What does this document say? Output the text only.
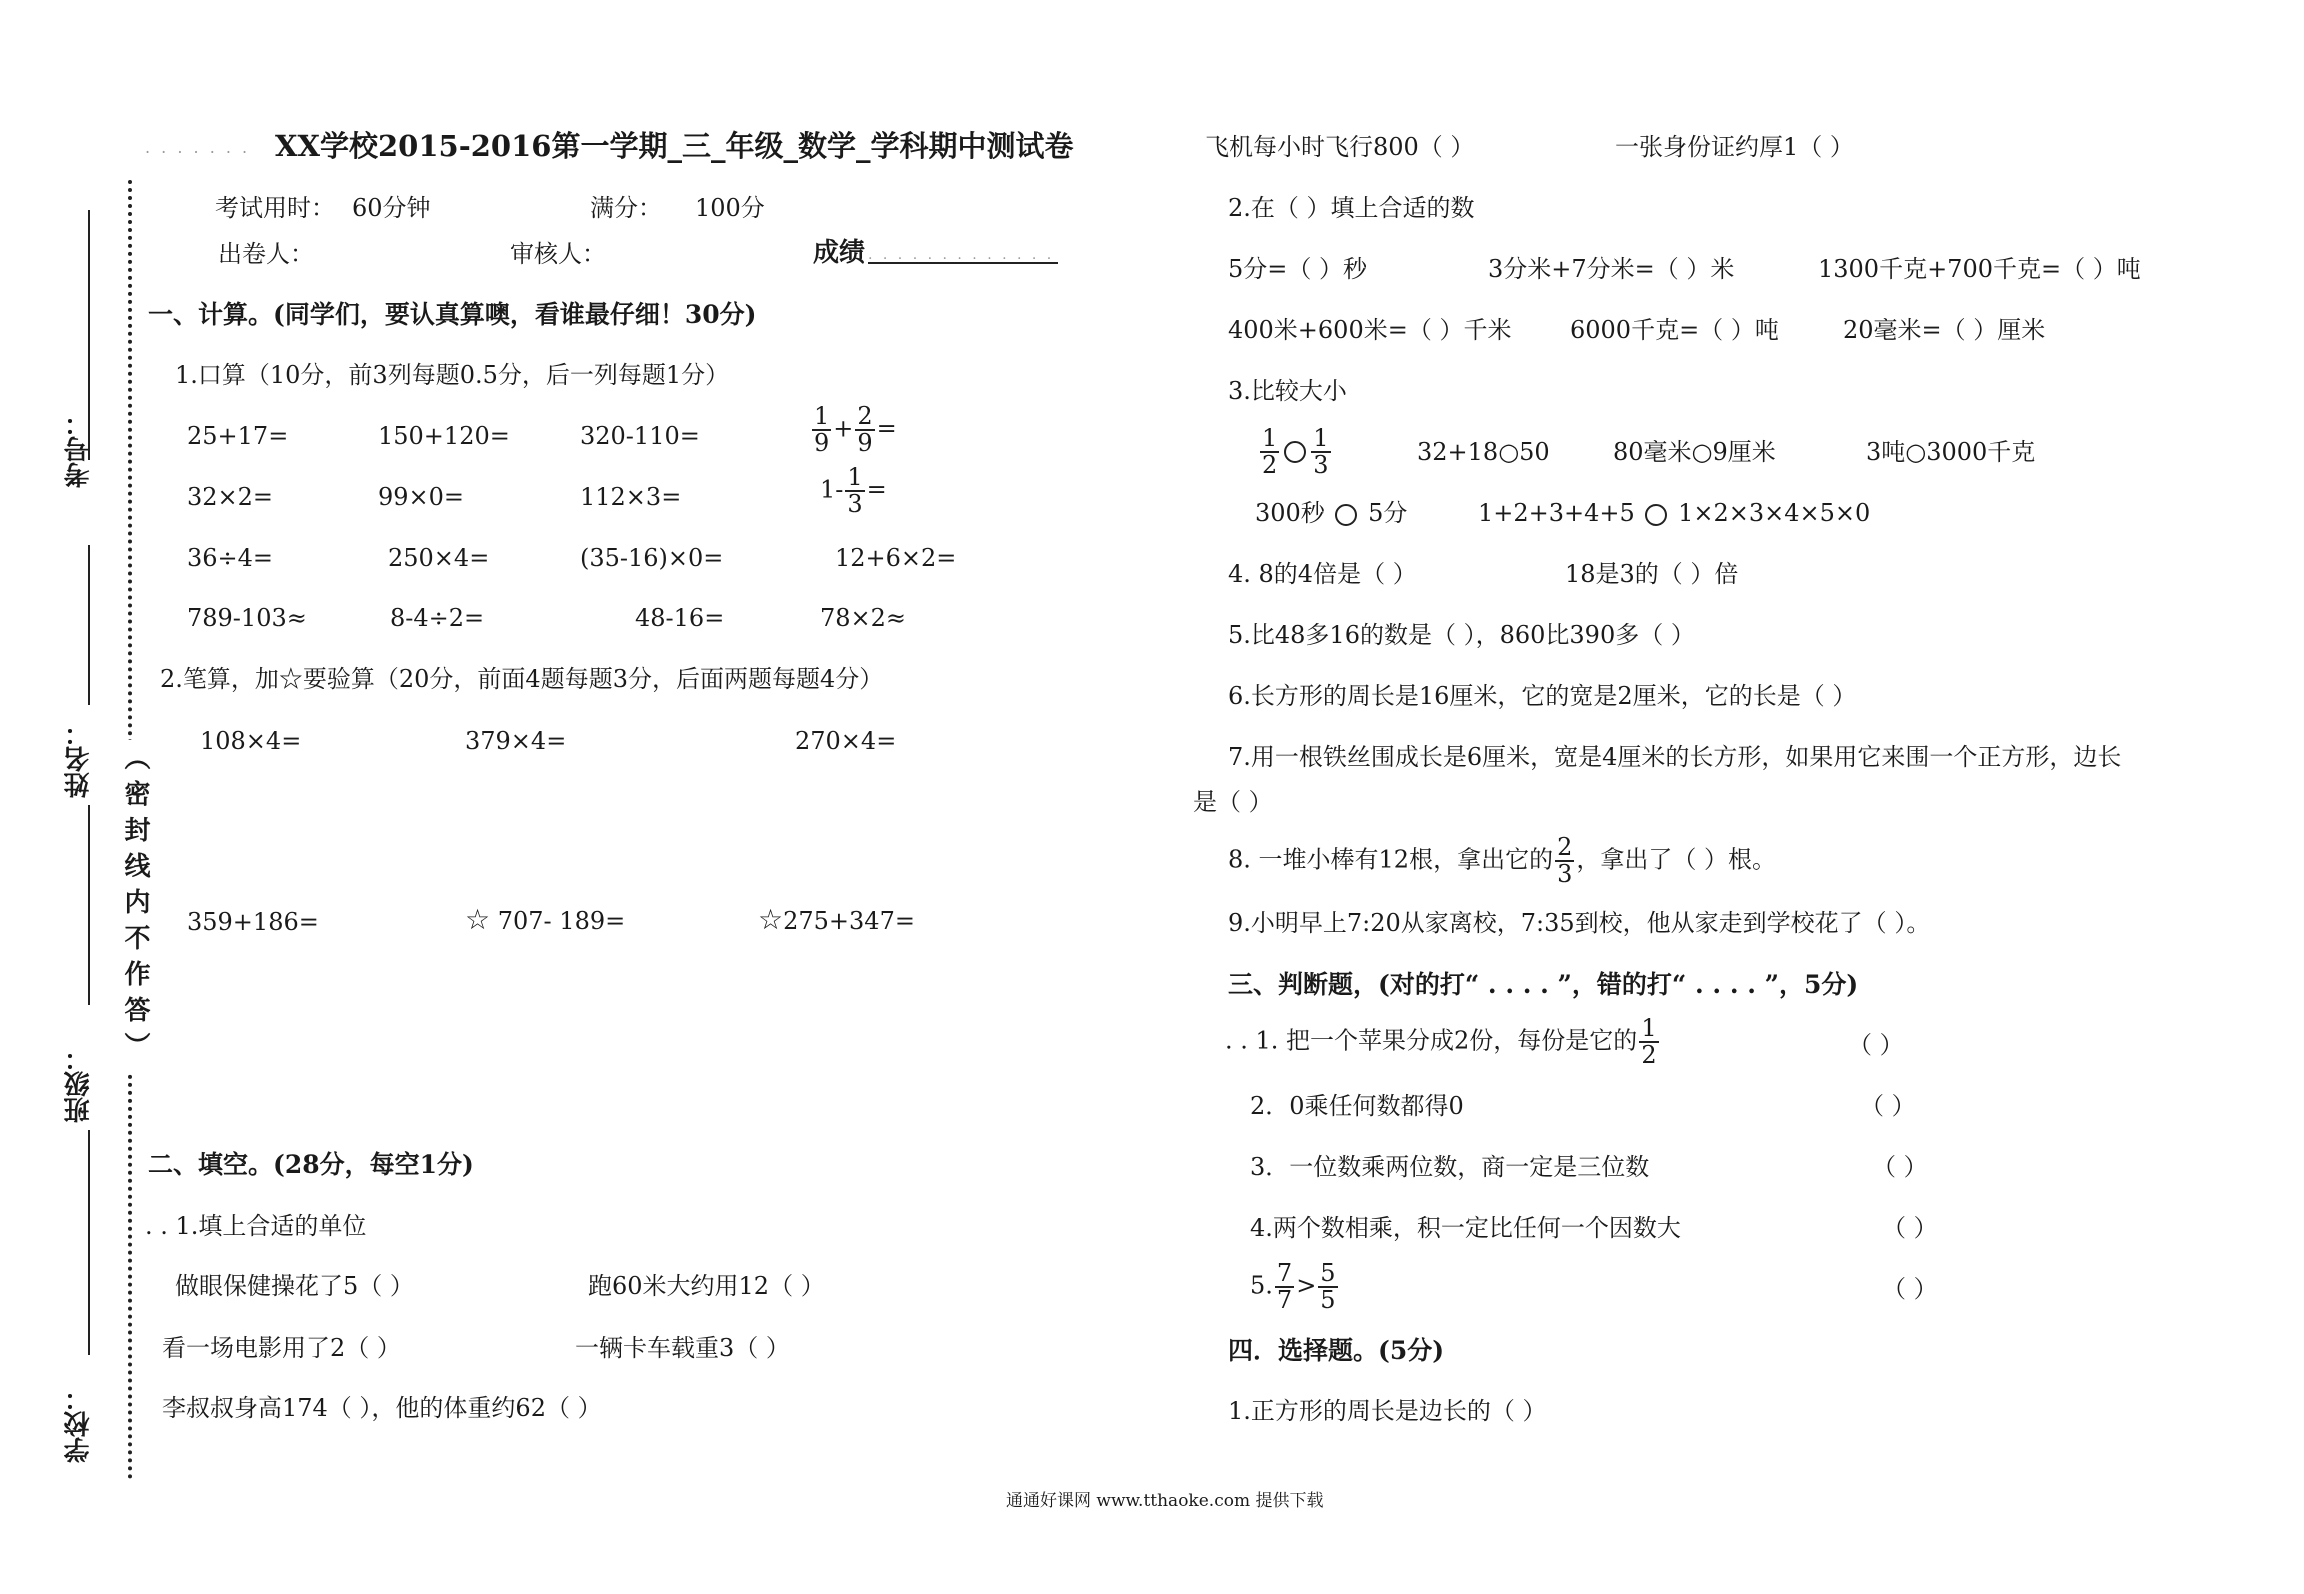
考号：
姓名：
班级：
学校：
（密封线内不作答）
. . . . . . . XX学校2015-2016第一学期_三_年级_数学_学科期中测试卷
考试用时： 60分钟	满分： 100分
出卷人：	审核人：	成绩 . . . . . . . . . . . . .
一、计算。(同学们，要认真算噢，看谁最仔细！30分)
1.口算（10分，前3列每题0.5分，后一列每题1分）
25+17=	150+120=	320-110=	$\frac{1}{9} + \frac{2}{9}$ =
32×2=	99×0=	112×3=	$1- \frac{1}{3}$ =
36÷4=	250×4=	(35-16)×0=	12+6×2=
789-103≈	8-4÷2=	48-16=	78×2≈
2.笔算，加☆要验算（20分，前面4题每题3分，后面两题每题4分）
108×4=	379×4=	270×4=
359+186=	☆ 707- 189=	☆275+347=
二、填空。(28分，每空1分)
. . 1.填上合适的单位
做眼保健操花了5（ ）	跑60米大约用12（ ）
看一场电影用了2（ ）	一辆卡车载重3（ ）
李叔叔身高174（ ），他的体重约62（ ）
飞机每小时飞行800（ ）	一张身份证约厚1（ ）
2.在（ ）填上合适的数
5分=（ ）秒	3分米+7分米=（ ）米	1300千克+700千克=（ ）吨
400米+600米=（ ）千米 6000千克=（ ）吨	20毫米=（ ）厘米
3.比较大小
$\frac{1}{2} \frac{1}{3}$	32+18○50	80毫米○9厘米	3吨○3000千克
300秒 5分	1+2+3+4+5 1×2×3×4×5×0
4. 8的4倍是（ ）	18是3的（ ）倍
5.比48多16的数是（ ），860比390多（ ）
6.长方形的周长是16厘米，它的宽是2厘米，它的长是（ ）
7.用一根铁丝围成长是6厘米，宽是4厘米的长方形，如果用它来围一个正方形，边长
是（ ）
8. 一堆小棒有12根，拿出它的 $\frac{2}{3}$ ，拿出了（ ）根。
9.小明早上7:20从家离校，7:35到校，他从家走到学校花了（ ）。
三、判断题，(对的打“ . . . . ”，错的打“ . . . . ”，5分)
. . 1. 把一个苹果分成2份，每份是它的 $\frac{1}{2}$	（ ）
2．0乘任何数都得0	（ ）
3．一位数乘两位数，商一定是三位数	（ ）
4.两个数相乘，积一定比任何一个因数大	（ ）
5. $\frac{7}{7} > \frac{5}{5}$	（ ）
四．选择题。(5分)
1.正方形的周长是边长的（ ）
通通好课网 www.tthaoke.com 提供下载
